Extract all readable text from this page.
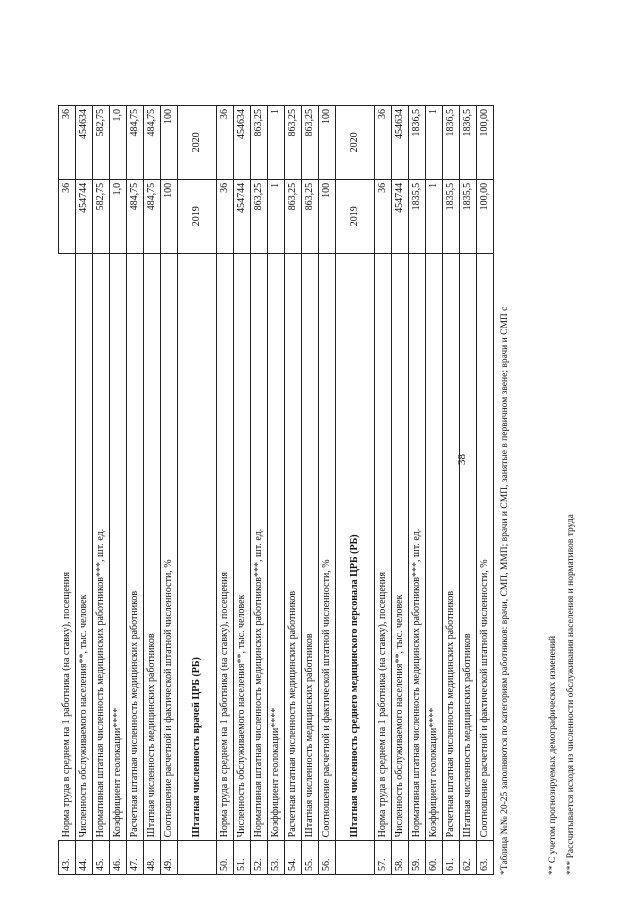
38
43.	Норма труда в среднем на 1 работника (на ставку), посещения	36	36
44.	Численность обслуживаемого населения**, тыс. человек	454744	454634
45.	Нормативная штатная численность медицинских работников***, шт. ед.	582,75	582,75
46.	Коэффициент геолокации****	1,0	1,0
47.	Расчетная штатная численность медицинских работников	484,75	484,75
48.	Штатная численность медицинских работников	484,75	484,75
49.	Соотношение расчетной и фактической штатной численности, %	100	100
	Штатная численность врачей ЦРБ (РБ)	2019	2020
50.	Норма труда в среднем на 1 работника (на ставку), посещения	36	36
51.	Численность обслуживаемого населения**, тыс. человек	454744	454634
52.	Нормативная штатная численность медицинских работников***, шт. ед.	863,25	863,25
53.	Коэффициент геолокации****	1	1
54.	Расчетная штатная численность медицинских работников	863,25	863,25
55.	Штатная численность медицинских работников	863,25	863,25
56.	Соотношение расчетной и фактической штатной численности, %	100	100
	Штатная численность среднего медицинского персонала ЦРБ (РБ)	2019	2020
57.	Норма труда в среднем на 1 работника (на ставку), посещения	36	36
58.	Численность обслуживаемого населения**, тыс. человек	454744	454634
59.	Нормативная штатная численность медицинских работников***, шт. ед.	1835,5	1836,5
60.	Коэффициент геолокации****	1	1
61.	Расчетная штатная численность медицинских работников	1835,5	1836,5
62.	Штатная численность медицинских работников	1835,5	1836,5
63.	Соотношение расчетной и фактической штатной численности, %	100,00	100,00
*Таблица №№ 20-25 заполняются по категориям работников: врачи, СМП, ММП; врачи и СМП, занятые в первичном звене; врачи и СМП с	** С учетом прогнозируемых демографических изменений *** Рассчитывается исходя из численности обслуживания населения и нормативов труда
